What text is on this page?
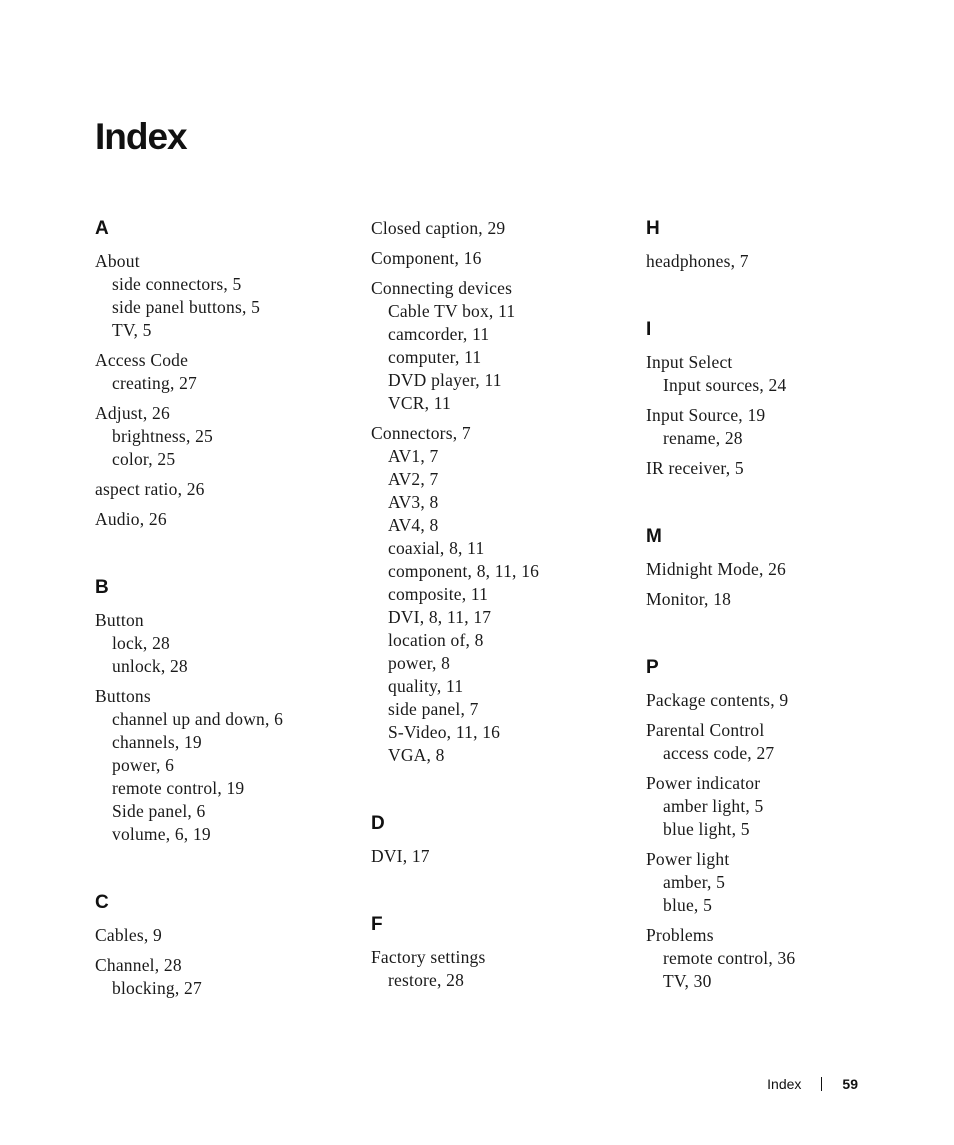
Index
A
About
side connectors, 5
side panel buttons, 5
TV, 5
Access Code
creating, 27
Adjust, 26
brightness, 25
color, 25
aspect ratio, 26
Audio, 26
B
Button
lock, 28
unlock, 28
Buttons
channel up and down, 6
channels, 19
power, 6
remote control, 19
Side panel, 6
volume, 6, 19
C
Cables, 9
Channel, 28
blocking, 27
Closed caption, 29
Component, 16
Connecting devices
Cable TV box, 11
camcorder, 11
computer, 11
DVD player, 11
VCR, 11
Connectors, 7
AV1, 7
AV2, 7
AV3, 8
AV4, 8
coaxial, 8, 11
component, 8, 11, 16
composite, 11
DVI, 8, 11, 17
location of, 8
power, 8
quality, 11
side panel, 7
S-Video, 11, 16
VGA, 8
D
DVI, 17
F
Factory settings
restore, 28
H
headphones, 7
I
Input Select
Input sources, 24
Input Source, 19
rename, 28
IR receiver, 5
M
Midnight Mode, 26
Monitor, 18
P
Package contents, 9
Parental Control
access code, 27
Power indicator
amber light, 5
blue light, 5
Power light
amber, 5
blue, 5
Problems
remote control, 36
TV, 30
Index	59
